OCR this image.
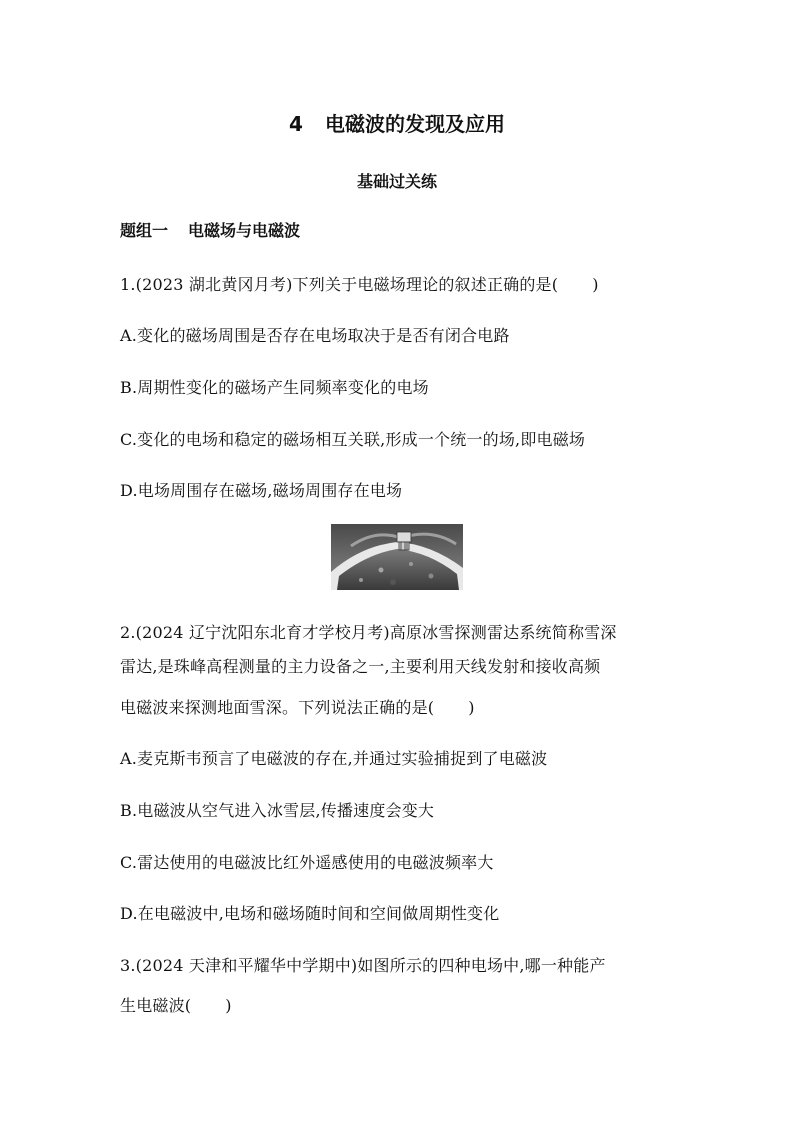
4 电磁波的发现及应用
基础过关练
题组一 电磁场与电磁波
1.(2023 湖北黄冈月考)下列关于电磁场理论的叙述正确的是( )
A.变化的磁场周围是否存在电场取决于是否有闭合电路
B.周期性变化的磁场产生同频率变化的电场
C.变化的电场和稳定的磁场相互关联,形成一个统一的场,即电磁场
D.电场周围存在磁场,磁场周围存在电场
2.(2024 辽宁沈阳东北育才学校月考)高原冰雪探测雷达系统简称雪深
雷达,是珠峰高程测量的主力设备之一,主要利用天线发射和接收高频
电磁波来探测地面雪深。下列说法正确的是( )
A.麦克斯韦预言了电磁波的存在,并通过实验捕捉到了电磁波
B.电磁波从空气进入冰雪层,传播速度会变大
C.雷达使用的电磁波比红外遥感使用的电磁波频率大
D.在电磁波中,电场和磁场随时间和空间做周期性变化
3.(2024 天津和平耀华中学期中)如图所示的四种电场中,哪一种能产
生电磁波( )
